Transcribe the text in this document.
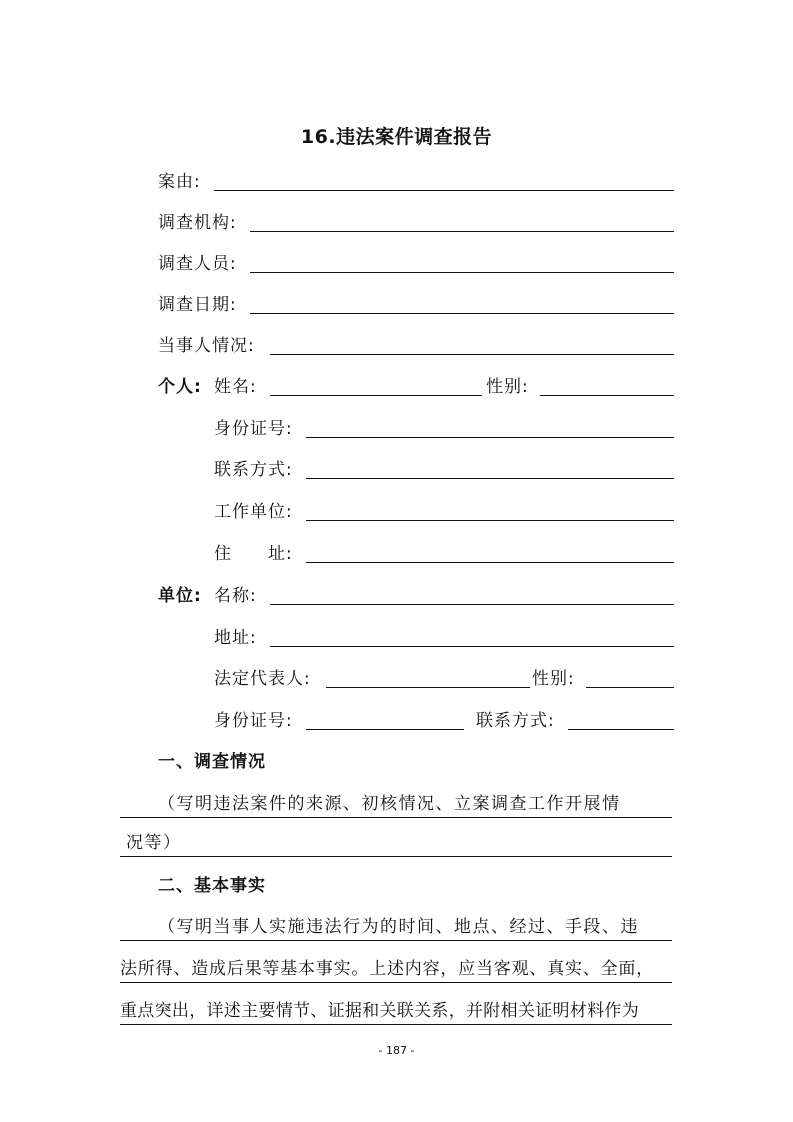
16.违法案件调查报告
案由:
调查机构:
调查人员:
调查日期:
当事人情况:
个人: 姓名:	性别:
身份证号:
联系方式:
工作单位:
住　　址:
单位: 名称:
地址:
法定代表人:	性别:
身份证号:	联系方式:
一、调查情况
（写明违法案件的来源、初核情况、立案调查工作开展情
况等）
二、基本事实
（写明当事人实施违法行为的时间、地点、经过、手段、违
法所得、造成后果等基本事实。上述内容，应当客观、真实、全面，
重点突出，详述主要情节、证据和关联关系，并附相关证明材料作为
- 187 -
